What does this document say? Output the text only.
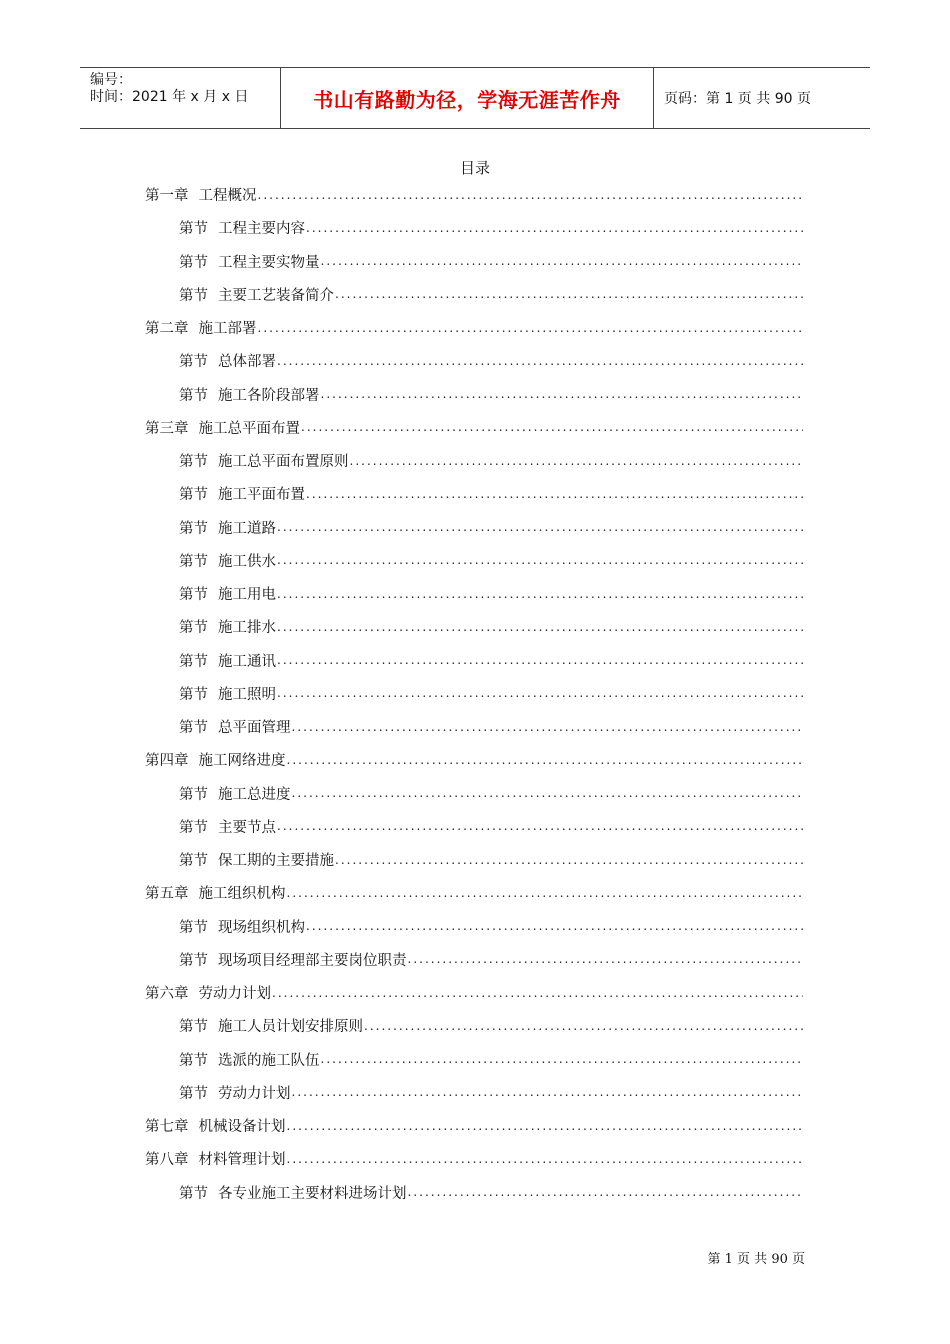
编号：
时间：2021 年 x 月 x 日	书山有路勤为径，学海无涯苦作舟	页码：第 1 页 共 90 页
目录
第一章 工程概况
.....
第节 工程主要内容
.....
第节 工程主要实物量
.....
第节 主要工艺装备简介
.....
第二章 施工部署
.....
第节 总体部署
.....
第节 施工各阶段部署
.....
第三章 施工总平面布置
.....
第节 施工总平面布置原则
.....
第节 施工平面布置
.....
第节 施工道路
.....
第节 施工供水
.....
第节 施工用电
.....
第节 施工排水
.....
第节 施工通讯
.....
第节 施工照明
.....
第节 总平面管理
.....
第四章 施工网络进度
.....
第节 施工总进度
.....
第节 主要节点
.....
第节 保工期的主要措施
.....
第五章 施工组织机构
.....
第节 现场组织机构
.....
第节 现场项目经理部主要岗位职责
.....
第六章 劳动力计划
.....
第节 施工人员计划安排原则
.....
第节 选派的施工队伍
.....
第节 劳动力计划
.....
第七章 机械设备计划
.....
第八章 材料管理计划
.....
第节 各专业施工主要材料进场计划
.....
第 1 页 共 90 页
